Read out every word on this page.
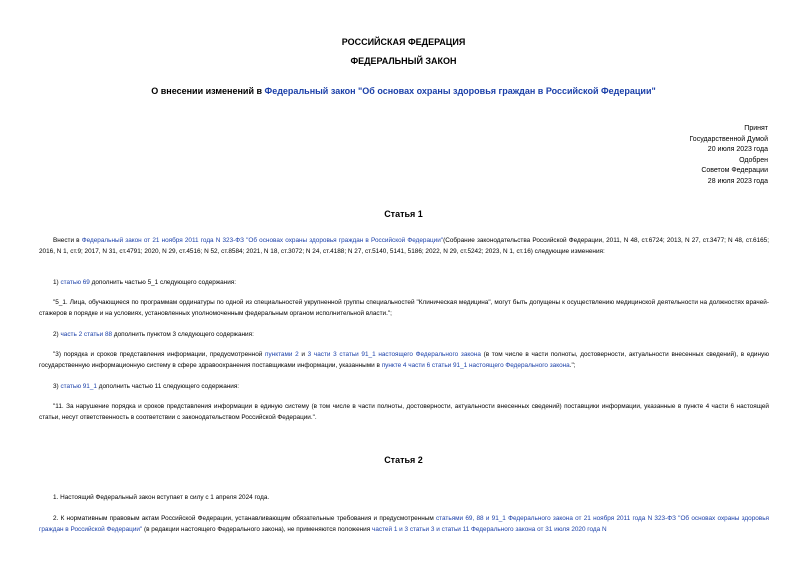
РОССИЙСКАЯ ФЕДЕРАЦИЯ
ФЕДЕРАЛЬНЫЙ ЗАКОН
О внесении изменений в Федеральный закон "Об основах охраны здоровья граждан в Российской Федерации"
Принят
Государственной Думой
20 июля 2023 года
Одобрен
Советом Федерации
28 июля 2023 года
Статья 1
Внести в Федеральный закон от 21 ноября 2011 года N 323-ФЗ "Об основах охраны здоровья граждан в Российской Федерации"(Собрание законодательства Российской Федерации, 2011, N 48, ст.6724; 2013, N 27, ст.3477; N 48, ст.6165; 2016, N 1, ст.9; 2017, N 31, ст.4791; 2020, N 29, ст.4516; N 52, ст.8584; 2021, N 18, ст.3072; N 24, ст.4188; N 27, ст.5140, 5141, 5186; 2022, N 29, ст.5242; 2023, N 1, ст.16) следующие изменения:
1) статью 69 дополнить частью 5_1 следующего содержания:
"5_1. Лица, обучающиеся по программам ординатуры по одной из специальностей укрупненной группы специальностей "Клиническая медицина", могут быть допущены к осуществлению медицинской деятельности на должностях врачей-стажеров в порядке и на условиях, установленных уполномоченным федеральным органом исполнительной власти.";
2) часть 2 статьи 88 дополнить пунктом 3 следующего содержания:
"3) порядка и сроков представления информации, предусмотренной пунктами 2 и 3 части 3 статьи 91_1 настоящего Федерального закона (в том числе в части полноты, достоверности, актуальности внесенных сведений), в единую государственную информационную систему в сфере здравоохранения поставщиками информации, указанными в пункте 4 части 6 статьи 91_1 настоящего Федерального закона.";
3) статью 91_1 дополнить частью 11 следующего содержания:
"11. За нарушение порядка и сроков представления информации в единую систему (в том числе в части полноты, достоверности, актуальности внесенных сведений) поставщики информации, указанные в пункте 4 части 6 настоящей статьи, несут ответственность в соответствии с законодательством Российской Федерации.".
Статья 2
1. Настоящий Федеральный закон вступает в силу с 1 апреля 2024 года.
2. К нормативным правовым актам Российской Федерации, устанавливающим обязательные требования и предусмотренным статьями 69, 88 и 91_1 Федерального закона от 21 ноября 2011 года N 323-ФЗ "Об основах охраны здоровья граждан в Российской Федерации" (в редакции настоящего Федерального закона), не применяются положения частей 1 и 3 статьи 3 и статьи 11 Федерального закона от 31 июля 2020 года N
